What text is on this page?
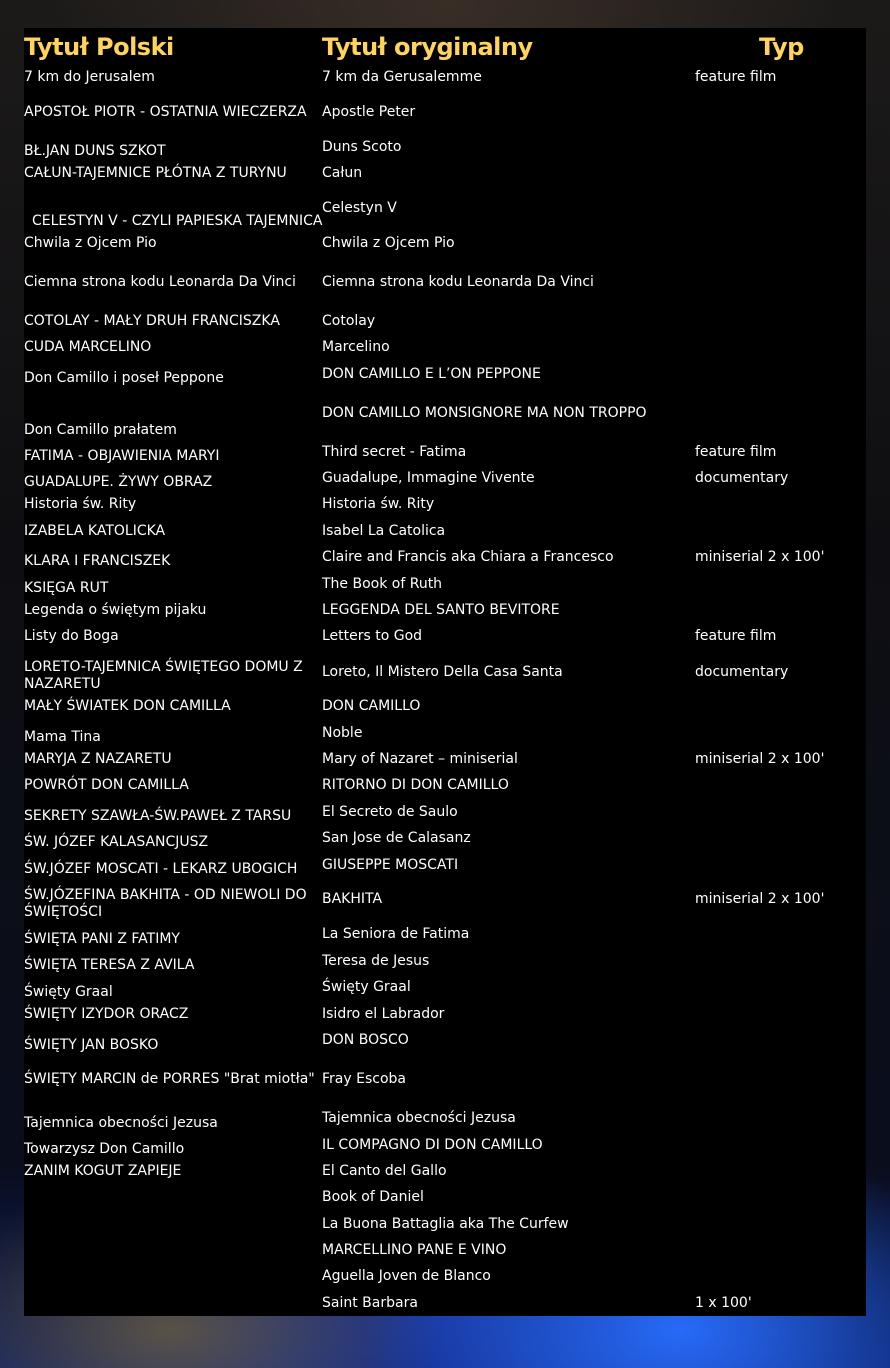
Tytuł Polski	Tytuł oryginalny	Typ
7 km do Jerusalem
APOSTOŁ PIOTR - OSTATNIA WIECZERZA
BŁ.JAN DUNS SZKOT
CAŁUN-TAJEMNICE PŁÓTNA Z TURYNU
CELESTYN V - CZYLI PAPIESKA TAJEMNICA
Chwila z Ojcem Pio
Ciemna strona kodu Leonarda Da Vinci
COTOLAY - MAŁY DRUH FRANCISZKA
CUDA MARCELINO
Don Camillo i poseł Peppone
Don Camillo prałatem
FATIMA - OBJAWIENIA MARYI
GUADALUPE. ŻYWY OBRAZ
Historia św. Rity
IZABELA KATOLICKA
KLARA I FRANCISZEK
KSIĘGA RUT
Legenda o świętym pijaku
Listy do Boga
LORETO-TAJEMNICA ŚWIĘTEGO DOMU Z NAZARETU
MAŁY ŚWIATEK DON CAMILLA
Mama Tina
MARYJA Z NAZARETU
POWRÓT DON CAMILLA
SEKRETY SZAWŁA-ŚW.PAWEŁ Z TARSU
ŚW. JÓZEF KALASANCJUSZ
ŚW.JÓZEF MOSCATI - LEKARZ UBOGICH
ŚW.JÓZEFINA BAKHITA - OD NIEWOLI DO ŚWIĘTOŚCI
ŚWIĘTA PANI Z FATIMY
ŚWIĘTA TERESA Z AVILA
Święty Graal
ŚWIĘTY IZYDOR ORACZ
ŚWIĘTY JAN BOSKO
ŚWIĘTY MARCIN de PORRES "Brat miotła"
Tajemnica obecności Jezusa
Towarzysz Don Camillo
ZANIM KOGUT ZAPIEJE
7 km da Gerusalemme
Apostle Peter
Duns Scoto
Całun
Celestyn V
Chwila z Ojcem Pio
Ciemna strona kodu Leonarda Da Vinci
Cotolay
Marcelino
DON CAMILLO E L’ON PEPPONE
DON CAMILLO MONSIGNORE MA NON TROPPO
Third secret - Fatima
Guadalupe, Immagine Vivente
Historia św. Rity
Isabel La Catolica
Claire and Francis aka Chiara a Francesco
The Book of Ruth
LEGGENDA DEL SANTO BEVITORE
Letters to God
Loreto, Il Mistero Della Casa Santa
DON CAMILLO
Noble
Mary of Nazaret – miniserial
RITORNO DI DON CAMILLO
El Secreto de Saulo
San Jose de Calasanz
GIUSEPPE MOSCATI
BAKHITA
La Seniora de Fatima
Teresa de Jesus
Święty Graal
Isidro el Labrador
DON BOSCO
Fray Escoba
Tajemnica obecności Jezusa
IL COMPAGNO DI DON CAMILLO
El Canto del Gallo
Book of Daniel
La Buona Battaglia aka The Curfew
MARCELLINO PANE E VINO
Aguella Joven de Blanco
Saint Barbara
feature film
feature film
documentary
miniserial 2 x 100'
feature film
documentary
miniserial 2 x 100'
miniserial 2 x 100'
1 x 100'
